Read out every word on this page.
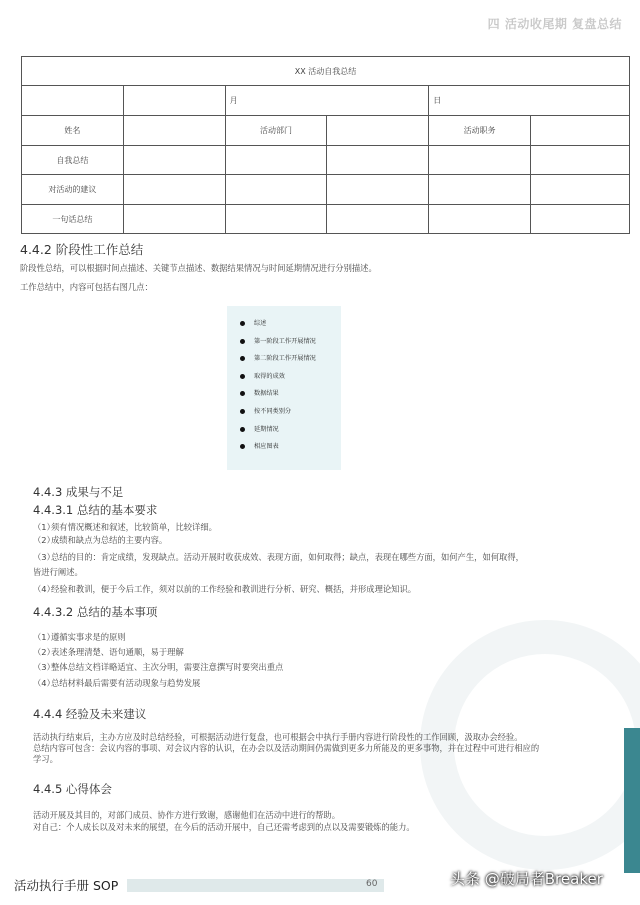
四 活动收尾期 复盘总结
XX 活动自我总结					
		月		日	
姓名		活动部门		活动职务	
自我总结					
对活动的建议					
一句话总结					
4.4.2 阶段性工作总结
阶段性总结，可以根据时间点描述、关键节点描述、数据结果情况与时间延期情况进行分别描述。
工作总结中，内容可包括右图几点：
综述
第一阶段工作开展情况
第二阶段工作开展情况
取得的成效
数据结果
按不同类别分
延期情况
相应图表
4.4.3 成果与不足
4.4.3.1 总结的基本要求
（1）须有情况概述和叙述，比较简单，比较详细。
（2）成绩和缺点为总结的主要内容。
（3）总结的目的：肯定成绩，发现缺点。活动开展时收获成效、表现方面，如何取得；缺点，表现在哪些方面，如何产生，如何取得，
皆进行阐述。
（4）经验和教训，便于今后工作，须对以前的工作经验和教训进行分析、研究、概括，并形成理论知识。
4.4.3.2 总结的基本事项
（1）遵循实事求是的原则
（2）表述条理清楚、语句通顺，易于理解
（3）整体总结文档详略适宜、主次分明，需要注意撰写时要突出重点
（4）总结材料最后需要有活动现象与趋势发展
4.4.4 经验及未来建议
活动执行结束后，主办方应及时总结经验，可根据活动进行复盘，也可根据会中执行手册内容进行阶段性的工作回顾，汲取办会经验。
总结内容可包含：会议内容的事项、对会议内容的认识，在办会以及活动期间仍需做到更多力所能及的更多事物，并在过程中可进行相应的
学习。
4.4.5 心得体会
活动开展及其目的，对部门成员、协作方进行致谢，感谢他们在活动中进行的帮助。
对自己：个人成长以及对未来的展望，在今后的活动开展中，自己还需考虑到的点以及需要锻炼的能力。
活动执行手册 SOP	60	头条 @破局者Breaker
